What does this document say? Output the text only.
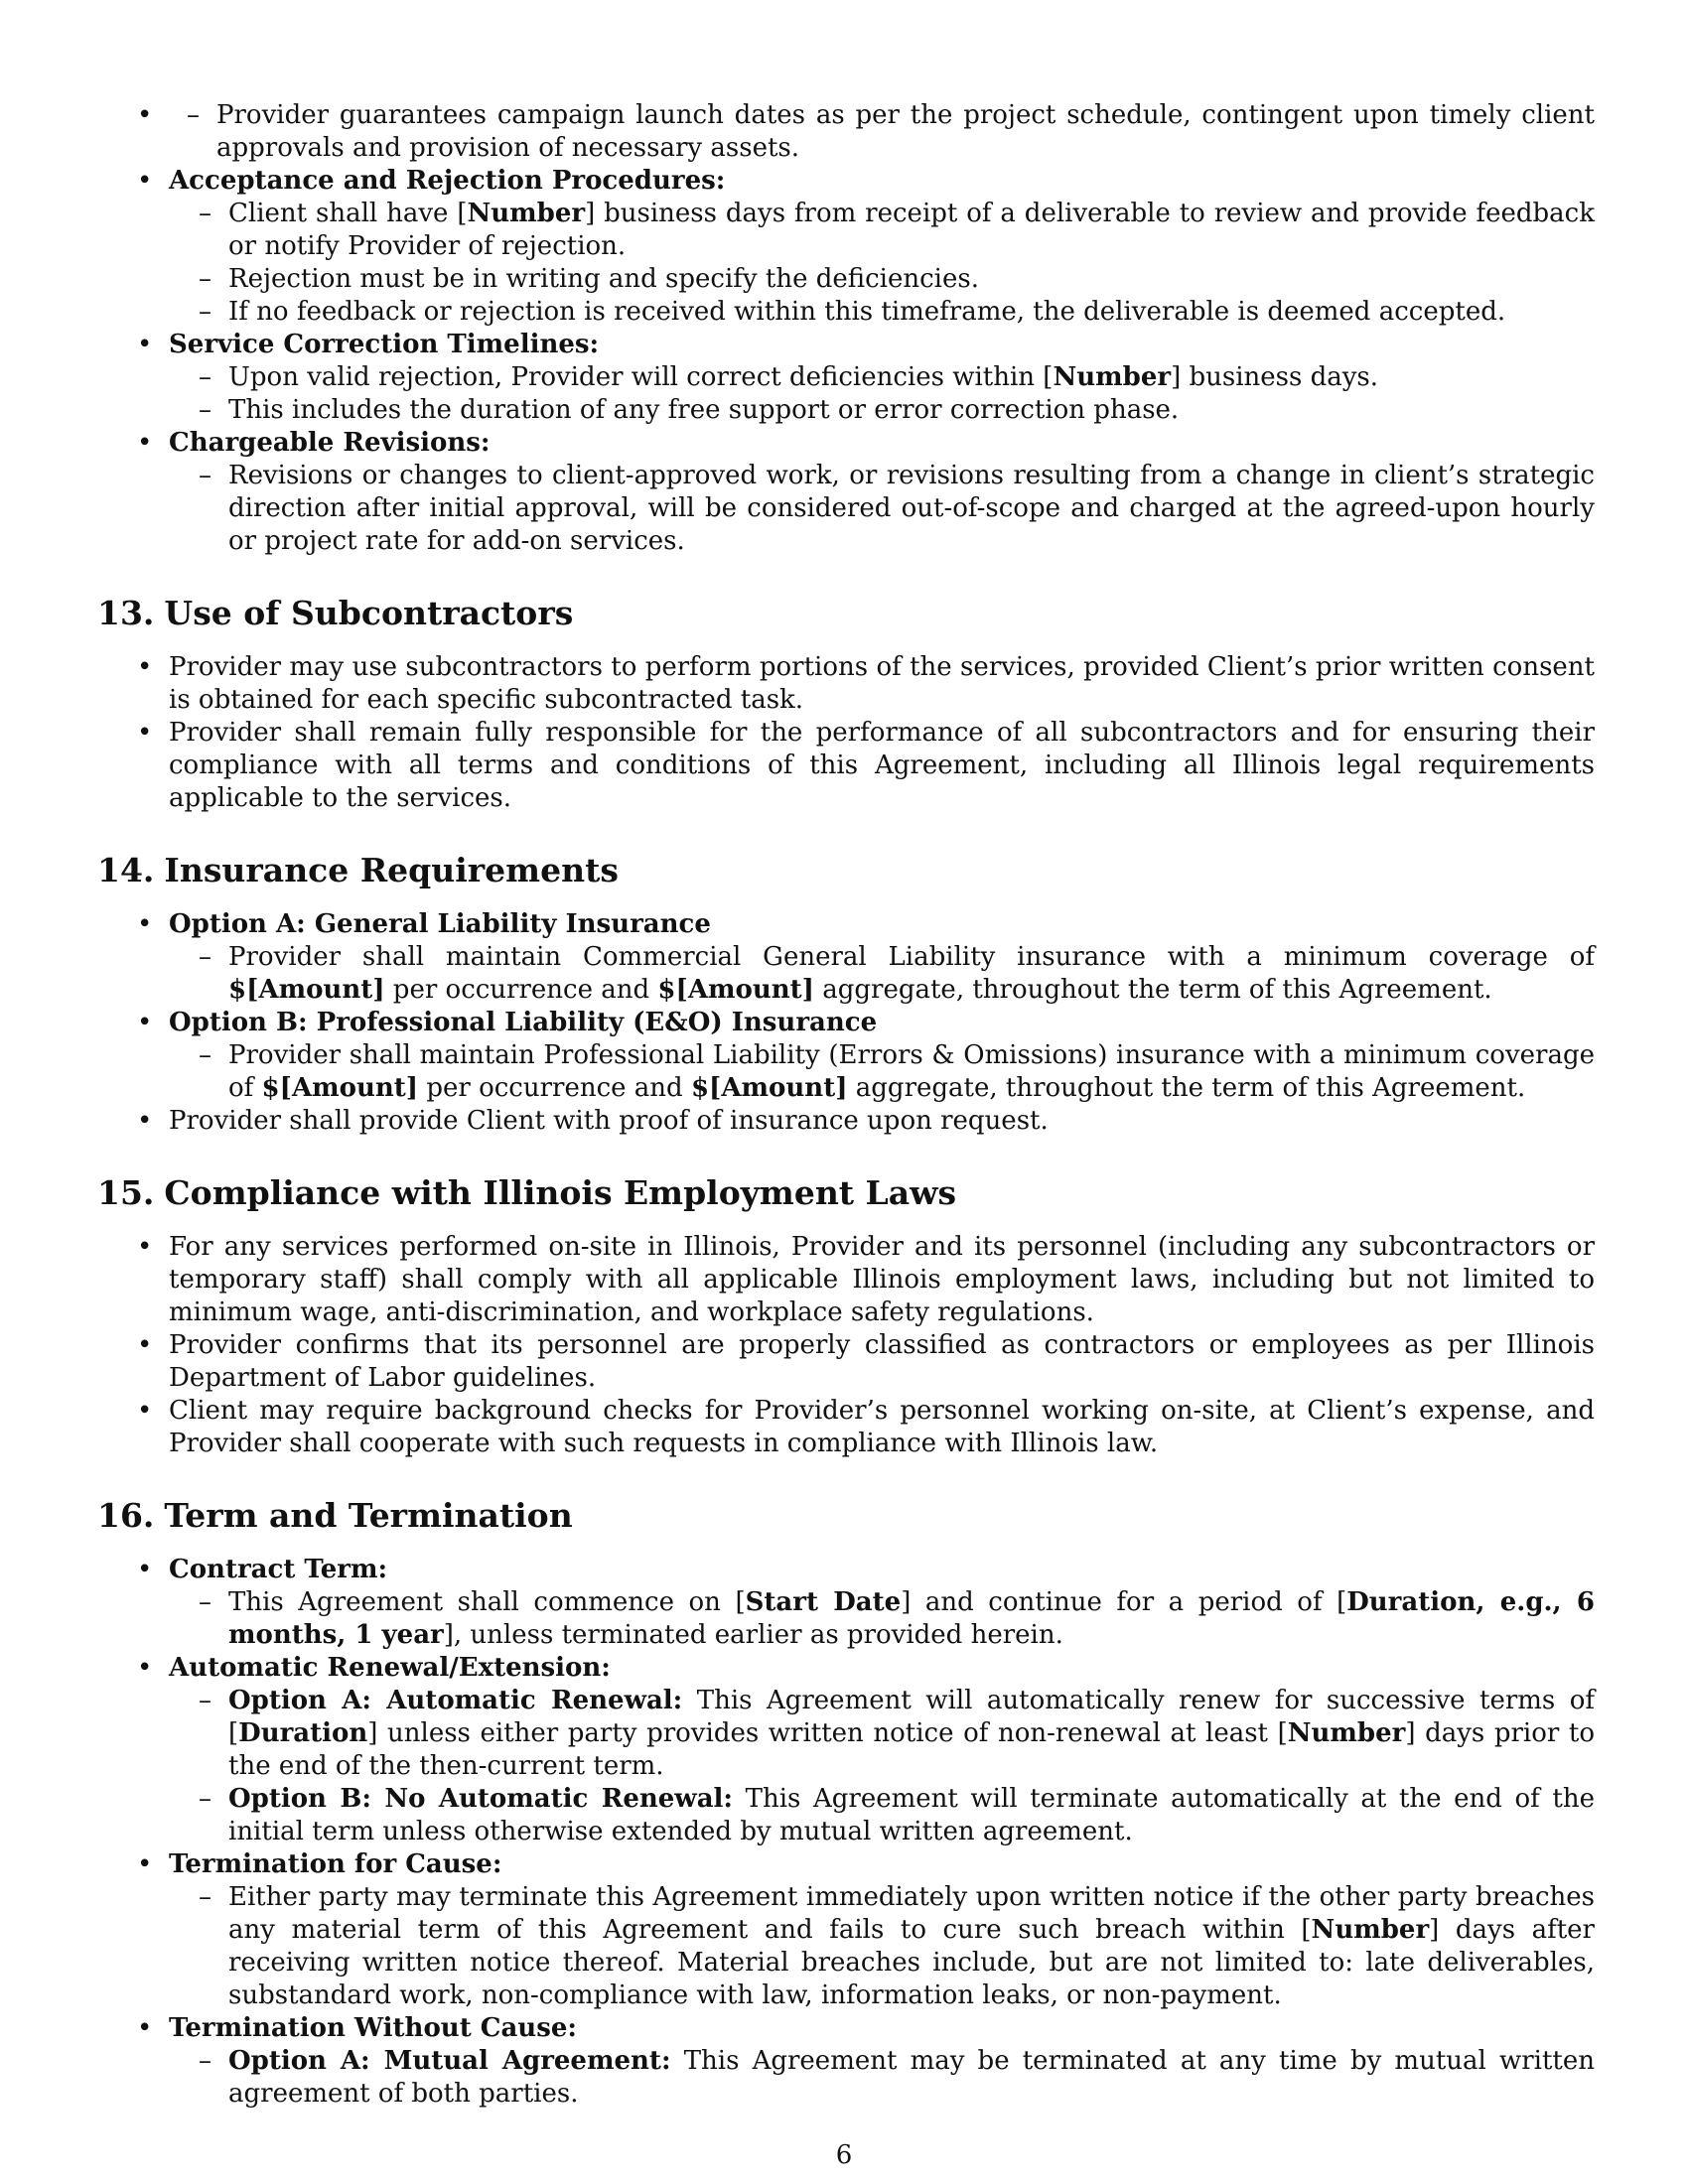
– • Provider guarantees campaign launch dates as per the project schedule, contingent upon timely client approvals and provision of necessary assets.
• Acceptance and Rejection Procedures:
– Client shall have [Number] business days from receipt of a deliverable to review and provide feedback or notify Provider of rejection.
– Rejection must be in writing and specify the deficiencies.
– If no feedback or rejection is received within this timeframe, the deliverable is deemed accepted.
• Service Correction Timelines:
– Upon valid rejection, Provider will correct deficiencies within [Number] business days.
– This includes the duration of any free support or error correction phase.
• Chargeable Revisions:
– Revisions or changes to client-approved work, or revisions resulting from a change in client’s strategic direction after initial approval, will be considered out-of-scope and charged at the agreed-upon hourly or project rate for add-on services.
13. Use of Subcontractors
• Provider may use subcontractors to perform portions of the services, provided Client’s prior written consent is obtained for each specific subcontracted task.
• Provider shall remain fully responsible for the performance of all subcontractors and for ensuring their compliance with all terms and conditions of this Agreement, including all Illinois legal requirements applicable to the services.
14. Insurance Requirements
• Option A: General Liability Insurance
– Provider shall maintain Commercial General Liability insurance with a minimum coverage of $[Amount] per occurrence and $[Amount] aggregate, throughout the term of this Agreement.
• Option B: Professional Liability (E&O) Insurance
– Provider shall maintain Professional Liability (Errors & Omissions) insurance with a minimum coverage of $[Amount] per occurrence and $[Amount] aggregate, throughout the term of this Agreement.
• Provider shall provide Client with proof of insurance upon request.
15. Compliance with Illinois Employment Laws
• For any services performed on-site in Illinois, Provider and its personnel (including any subcontractors or temporary staff) shall comply with all applicable Illinois employment laws, including but not limited to minimum wage, anti-discrimination, and workplace safety regulations.
• Provider confirms that its personnel are properly classified as contractors or employees as per Illinois Department of Labor guidelines.
• Client may require background checks for Provider’s personnel working on-site, at Client’s expense, and Provider shall cooperate with such requests in compliance with Illinois law.
16. Term and Termination
• Contract Term:
– This Agreement shall commence on [Start Date] and continue for a period of [Duration, e.g., 6 months, 1 year], unless terminated earlier as provided herein.
• Automatic Renewal/Extension:
– Option A: Automatic Renewal: This Agreement will automatically renew for successive terms of [Duration] unless either party provides written notice of non-renewal at least [Number] days prior to the end of the then-current term.
– Option B: No Automatic Renewal: This Agreement will terminate automatically at the end of the initial term unless otherwise extended by mutual written agreement.
• Termination for Cause:
– Either party may terminate this Agreement immediately upon written notice if the other party breaches any material term of this Agreement and fails to cure such breach within [Number] days after receiving written notice thereof. Material breaches include, but are not limited to: late deliverables, substandard work, non-compliance with law, information leaks, or non-payment.
• Termination Without Cause:
– Option A: Mutual Agreement: This Agreement may be terminated at any time by mutual written agreement of both parties.
6
